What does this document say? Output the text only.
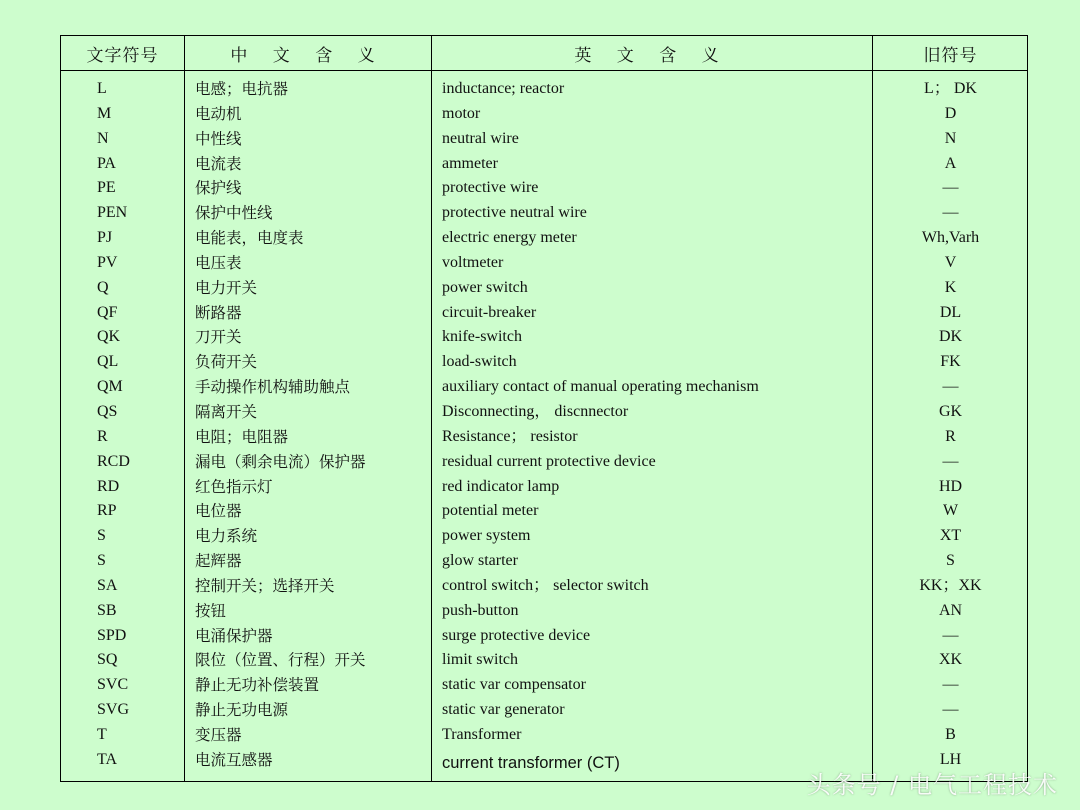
文字符号	中 文 含 义	英 文 含 义	旧符号
L	电感；电抗器	inductance; reactor	L； DK
M	电动机	motor	D
N	中性线	neutral wire	N
PA	电流表	ammeter	A
PE	保护线	protective wire	—
PEN	保护中性线	protective neutral wire	—
PJ	电能表，电度表	electric energy meter	Wh,Varh
PV	电压表	voltmeter	V
Q	电力开关	power switch	K
QF	断路器	circuit-breaker	DL
QK	刀开关	knife-switch	DK
QL	负荷开关	load-switch	FK
QM	手动操作机构辅助触点	auxiliary contact of manual operating mechanism	—
QS	隔离开关	Disconnecting， discnnector	GK
R	电阻；电阻器	Resistance； resistor	R
RCD	漏电（剩余电流）保护器	residual current protective device	—
RD	红色指示灯	red indicator lamp	HD
RP	电位器	potential meter	W
S	电力系统	power system	XT
S	起辉器	glow starter	S
SA	控制开关；选择开关	control switch； selector switch	KK；XK
SB	按钮	push-button	AN
SPD	电涌保护器	surge protective device	—
SQ	限位（位置、行程）开关	limit switch	XK
SVC	静止无功补偿装置	static var compensator	—
SVG	静止无功电源	static var generator	—
T	变压器	Transformer	B
TA	电流互感器	current transformer (CT)	LH
头条号 / 电气工程技术
